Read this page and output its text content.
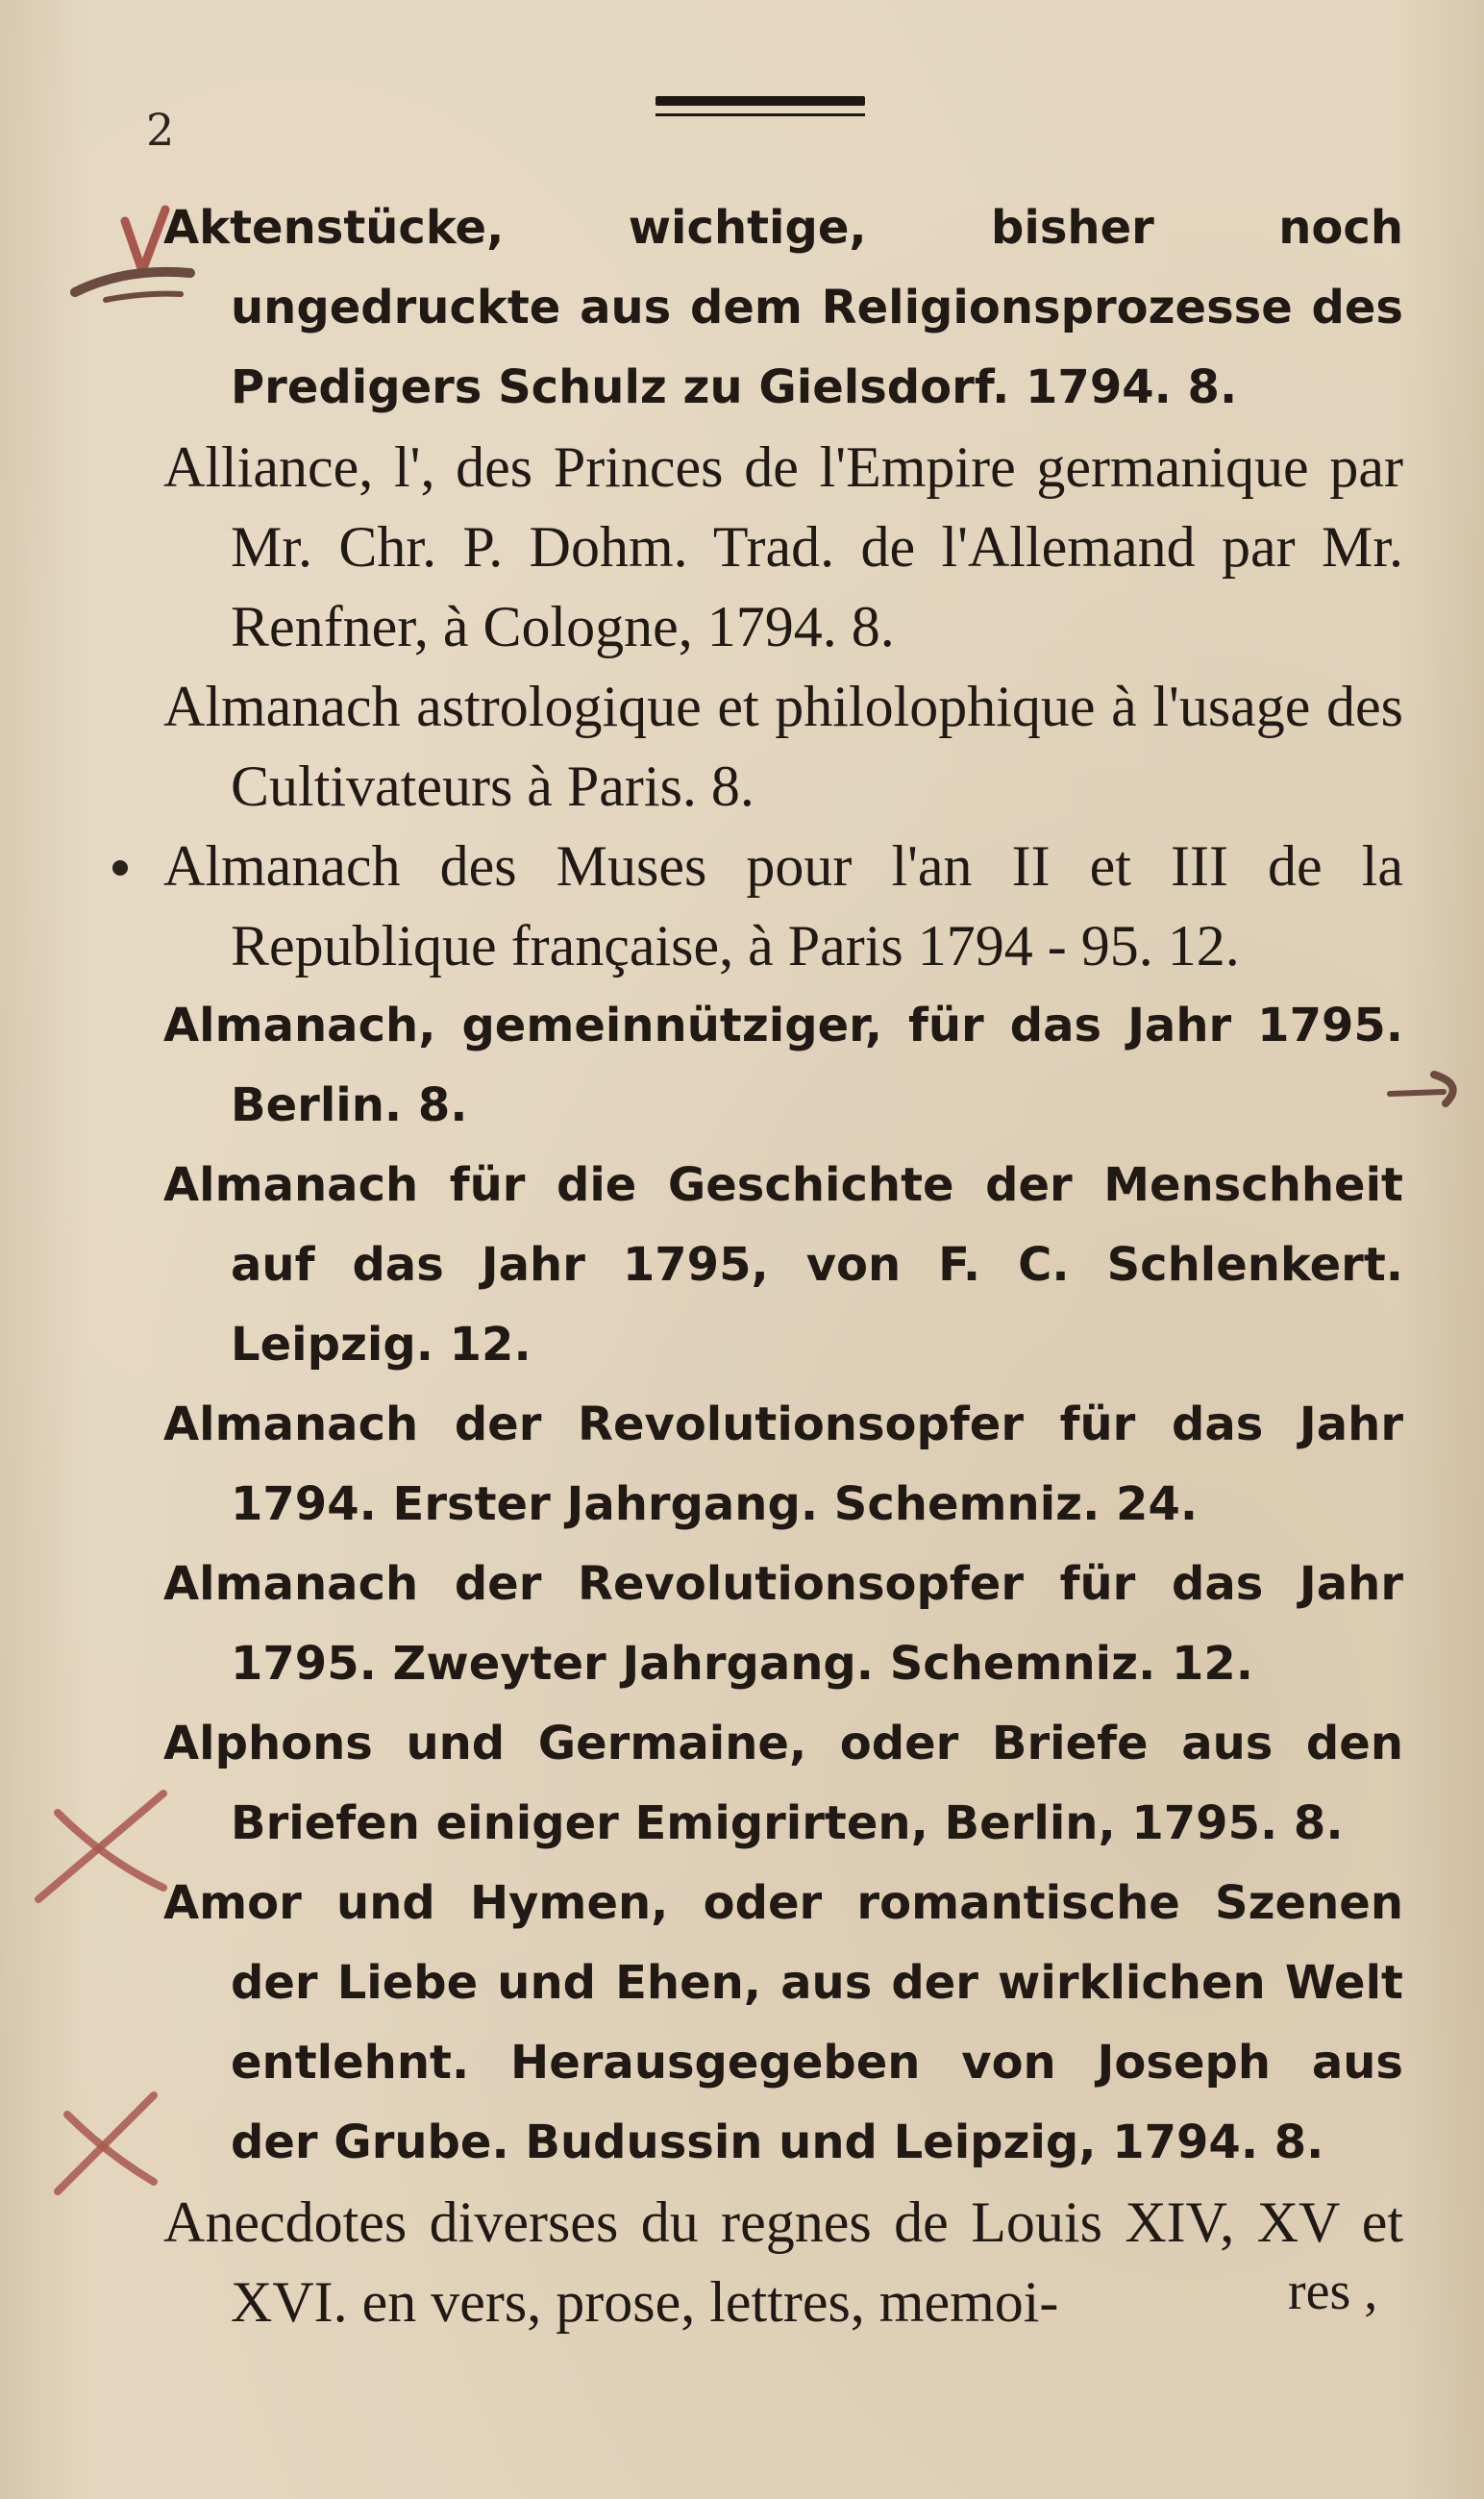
2
Aktenstücke, wichtige, bisher noch ungedruckte aus dem Religionsprozesse des Predigers Schulz zu Gielsdorf. 1794. 8.
Alliance, l', des Princes de l'Empire germanique par Mr. Chr. P. Dohm. Trad. de l'Allemand par Mr. Renfner, à Cologne, 1794. 8.
Almanach astrologique et philolophique à l'usage des Cultivateurs à Paris. 8.
Almanach des Muses pour l'an II et III de la Republique française, à Paris 1794 - 95. 12.
Almanach, gemeinnütziger, für das Jahr 1795. Berlin. 8.
Almanach für die Geschichte der Menschheit auf das Jahr 1795, von F. C. Schlenkert. Leipzig. 12.
Almanach der Revolutionsopfer für das Jahr 1794. Erster Jahrgang. Schemniz. 24.
Almanach der Revolutionsopfer für das Jahr 1795. Zweyter Jahrgang. Schemniz. 12.
Alphons und Germaine, oder Briefe aus den Briefen einiger Emigrirten, Berlin, 1795. 8.
Amor und Hymen, oder romantische Szenen der Liebe und Ehen, aus der wirklichen Welt entlehnt. Herausgegeben von Joseph aus der Grube. Budussin und Leipzig, 1794. 8.
Anecdotes diverses du regnes de Louis XIV, XV et XVI. en vers, prose, lettres, memoi-	res ,
